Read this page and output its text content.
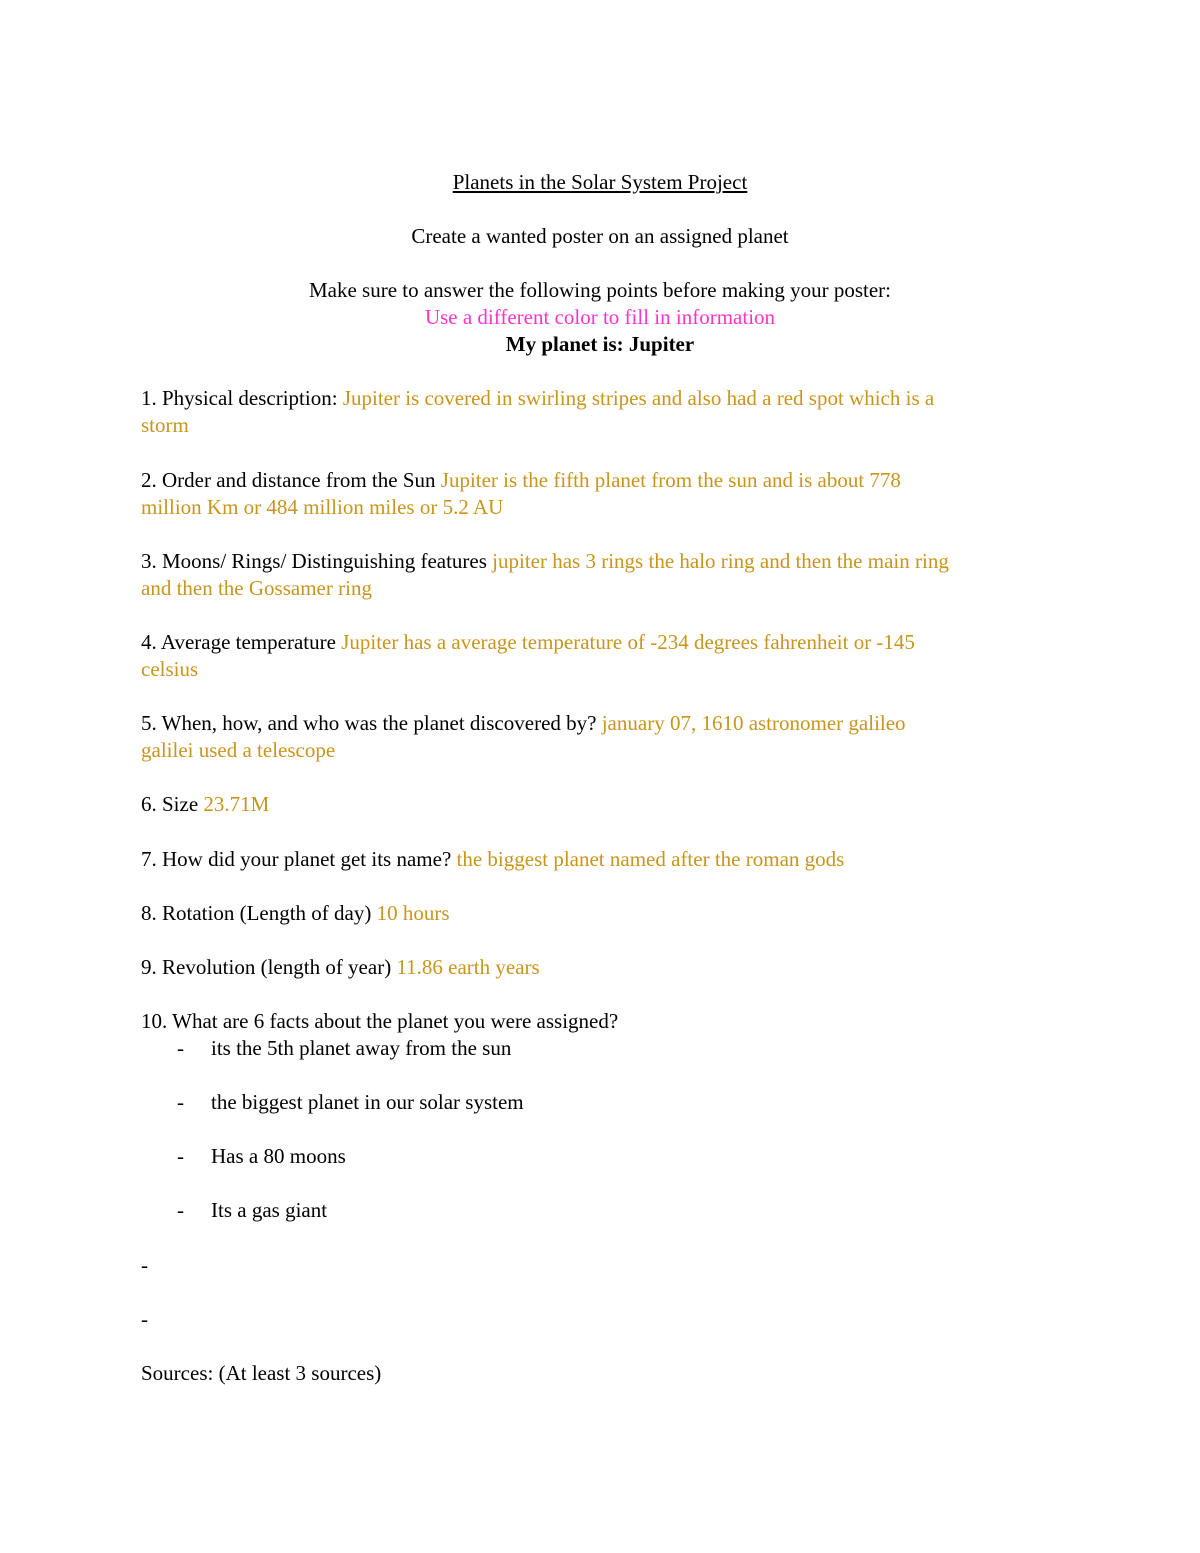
Planets in the Solar System Project
Create a wanted poster on an assigned planet
Make sure to answer the following points before making your poster:
Use a different color to fill in information
My planet is: Jupiter
1. Physical description: Jupiter is covered in swirling stripes and also had a red spot which is a
storm
2. Order and distance from the Sun Jupiter is the fifth planet from the sun and is about 778
million Km or 484 million miles or 5.2 AU
3. Moons/ Rings/ Distinguishing features jupiter has 3 rings the halo ring and then the main ring
and then the Gossamer ring
4. Average temperature Jupiter has a average temperature of -234 degrees fahrenheit or -145
celsius
5. When, how, and who was the planet discovered by? january 07, 1610 astronomer galileo
galilei used a telescope
6. Size 23.71M
7. How did your planet get its name? the biggest planet named after the roman gods
8. Rotation (Length of day) 10 hours
9. Revolution (length of year) 11.86 earth years
10. What are 6 facts about the planet you were assigned?
- its the 5th planet away from the sun
- the biggest planet in our solar system
- Has a 80 moons
- Its a gas giant
-
-
Sources: (At least 3 sources)
